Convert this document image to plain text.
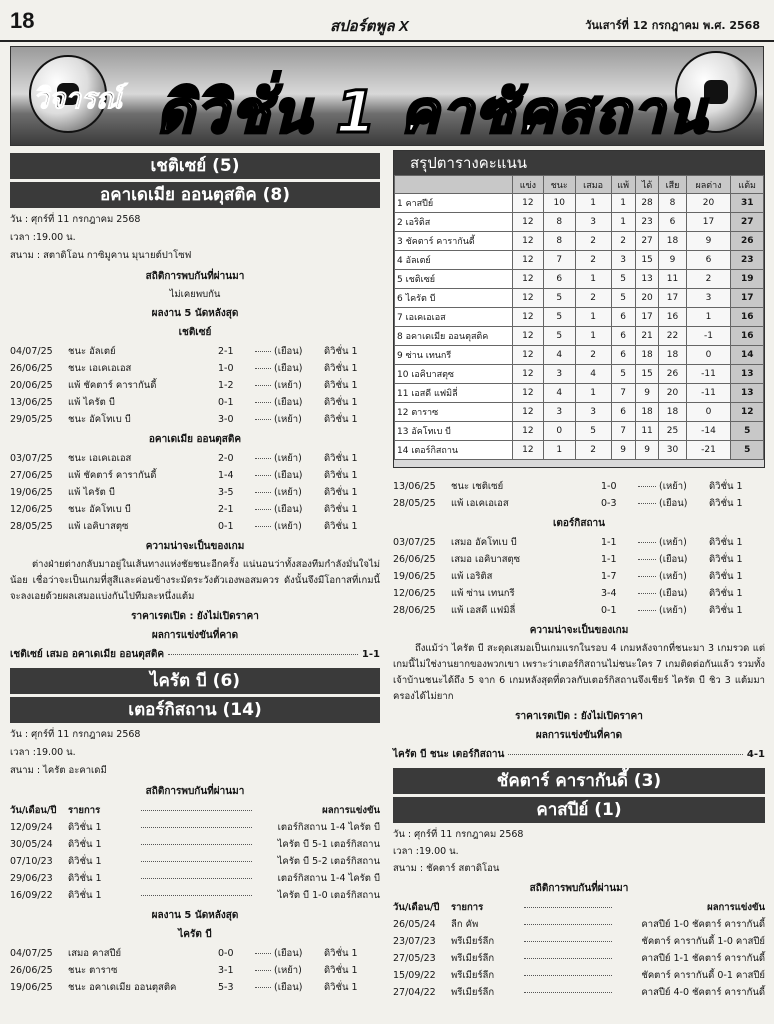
18	สปอร์ตพูล X	วันเสาร์ที่ 12 กรกฎาคม พ.ศ. 2568
วิจารณ์ ดิวิชั่น 1 คาซัคสถาน
เชติเซย์ (5)
อคาเดเมีย ออนตุสติค (8)
วัน : ศุกร์ที่ 11 กรกฎาคม 2568
เวลา :19.00 น.
สนาม : สตาดิโอน กาซิมูคาน มุนายต์ปาโซฟ
สถิติการพบกันที่ผ่านมา
ไม่เคยพบกัน
ผลงาน 5 นัดหลังสุด
เชติเซย์
04/07/25	ชนะ อัลเตย์	2-1	(เยือน)	ดิวิชั่น 1
26/06/25	ชนะ เอเคเอเอส	1-0	(เยือน)	ดิวิชั่น 1
20/06/25	แพ้ ชัคตาร์ คารากันดี้	1-2	(เหย้า)	ดิวิชั่น 1
13/06/25	แพ้ ไครัต บี	0-1	(เยือน)	ดิวิชั่น 1
29/05/25	ชนะ อัคโทเบ บี	3-0	(เหย้า)	ดิวิชั่น 1
อคาเดเมีย ออนตุสติค
03/07/25	ชนะ เอเคเอเอส	2-0	(เหย้า)	ดิวิชั่น 1
27/06/25	แพ้ ชัคตาร์ คารากันดี้	1-4	(เยือน)	ดิวิชั่น 1
19/06/25	แพ้ ไครัต บี	3-5	(เหย้า)	ดิวิชั่น 1
12/06/25	ชนะ อัคโทเบ บี	2-1	(เยือน)	ดิวิชั่น 1
28/05/25	แพ้ เอคิบาสตุซ	0-1	(เหย้า)	ดิวิชั่น 1
ความน่าจะเป็นของเกม

ต่างฝ่ายต่างกลับมาอยู่ในเส้นทางแห่งชัยชนะอีกครั้ง แน่นอนว่าทั้งสองทีมกำลังมั่นใจไม่น้อย เชื่อว่าจะเป็นเกมที่สูสีและค่อนข้างระมัดระวังตัวเองพอสมควร ดังนั้นจึงมีโอกาสที่เกมนี้จะลงเอยด้วยผลเสมอแบ่งกันไปทีมละหนึ่งแต้ม

ราคาเรตเปิด : ยังไม่เปิดราคา
ผลการแข่งขันที่คาด
เชติเซย์ เสมอ อคาเดเมีย ออนตุสติค	1-1
ไครัต บี (6)
เตอร์กิสถาน (14)
วัน : ศุกร์ที่ 11 กรกฎาคม 2568
เวลา :19.00 น.
สนาม : ไครัต อะคาเดมี
สถิติการพบกันที่ผ่านมา
วัน/เดือน/ปี	รายการ	ผลการแข่งขัน
12/09/24	ดิวิชั่น 1	เตอร์กิสถาน 1-4 ไครัต บี
30/05/24	ดิวิชั่น 1	ไครัต บี 5-1 เตอร์กิสถาน
07/10/23	ดิวิชั่น 1	ไครัต บี 5-2 เตอร์กิสถาน
29/06/23	ดิวิชั่น 1	เตอร์กิสถาน 1-4 ไครัต บี
16/09/22	ดิวิชั่น 1	ไครัต บี 1-0 เตอร์กิสถาน
ผลงาน 5 นัดหลังสุด
ไครัต บี
04/07/25	เสมอ คาสปีย์	0-0	(เยือน)	ดิวิชั่น 1
26/06/25	ชนะ ตาราซ	3-1	(เหย้า)	ดิวิชั่น 1
19/06/25	ชนะ อคาเดเมีย ออนตุสติค	5-3	(เยือน)	ดิวิชั่น 1
สรุปตารางคะแนน
	แข่ง	ชนะ	เสมอ	แพ้	ได้	เสีย	ผลต่าง	แต้ม
1 คาสปีย์	12	10	1	1	28	8	20	31
2 เอริติส	12	8	3	1	23	6	17	27
3 ชัคตาร์ คารากันดี้	12	8	2	2	27	18	9	26
4 อัลเตย์	12	7	2	3	15	9	6	23
5 เชติเซย์	12	6	1	5	13	11	2	19
6 ไครัต บี	12	5	2	5	20	17	3	17
7 เอเคเอเอส	12	5	1	6	17	16	1	16
8 อคาเดเมีย ออนตุสติค	12	5	1	6	21	22	-1	16
9 ซ่าน เทนกรี	12	4	2	6	18	18	0	14
10 เอคิบาสตุซ	12	3	4	5	15	26	-11	13
11 เอสดี แฟมิลี่	12	4	1	7	9	20	-11	13
12 ตาราซ	12	3	3	6	18	18	0	12
13 อัคโทเบ บี	12	0	5	7	11	25	-14	5
14 เตอร์กิสถาน	12	1	2	9	9	30	-21	5
13/06/25	ชนะ เชติเซย์	1-0	(เหย้า)	ดิวิชั่น 1
28/05/25	แพ้ เอเคเอเอส	0-3	(เยือน)	ดิวิชั่น 1
เตอร์กิสถาน
03/07/25	เสมอ อัคโทเบ บี	1-1	(เหย้า)	ดิวิชั่น 1
26/06/25	เสมอ เอคิบาสตุซ	1-1	(เยือน)	ดิวิชั่น 1
19/06/25	แพ้ เอริติส	1-7	(เหย้า)	ดิวิชั่น 1
12/06/25	แพ้ ซ่าน เทนกรี	3-4	(เยือน)	ดิวิชั่น 1
28/06/25	แพ้ เอสดี แฟมิลี่	0-1	(เหย้า)	ดิวิชั่น 1
ความน่าจะเป็นของเกม

ถึงแม้ว่า ไครัต บี สะดุดเสมอเป็นเกมแรกในรอบ 4 เกมหลังจากที่ชนะมา 3 เกมรวด แต่เกมนี้ไม่ใช่งานยากของพวกเขา เพราะว่าเตอร์กิสถานไม่ชนะใคร 7 เกมติดต่อกันแล้ว รวมทั้งเจ้าบ้านชนะได้ถึง 5 จาก 6 เกมหลังสุดที่ดวลกับเตอร์กิสถานจึงเชียร์ ไครัต บี ชิว 3 แต้มมาครองได้ไม่ยาก

ราคาเรตเปิด : ยังไม่เปิดราคา
ผลการแข่งขันที่คาด
ไครัต บี ชนะ เตอร์กิสถาน	4-1
ชัคตาร์ คารากันดี้ (3)
คาสปีย์ (1)
วัน : ศุกร์ที่ 11 กรกฎาคม 2568
เวลา :19.00 น.
สนาม : ชัคตาร์ สตาดิโอน
สถิติการพบกันที่ผ่านมา
วัน/เดือน/ปี	รายการ	ผลการแข่งขัน
26/05/24	ลีก คัพ	คาสปีย์ 1-0 ชัคตาร์ คารากันดี้
23/07/23	พรีเมียร์ลีก	ชัคตาร์ คารากันดี้ 1-0 คาสปีย์
27/05/23	พรีเมียร์ลีก	คาสปีย์ 1-1 ชัคตาร์ คารากันดี้
15/09/22	พรีเมียร์ลีก	ชัคตาร์ คารากันดี้ 0-1 คาสปีย์
27/04/22	พรีเมียร์ลีก	คาสปีย์ 4-0 ชัคตาร์ คารากันดี้
